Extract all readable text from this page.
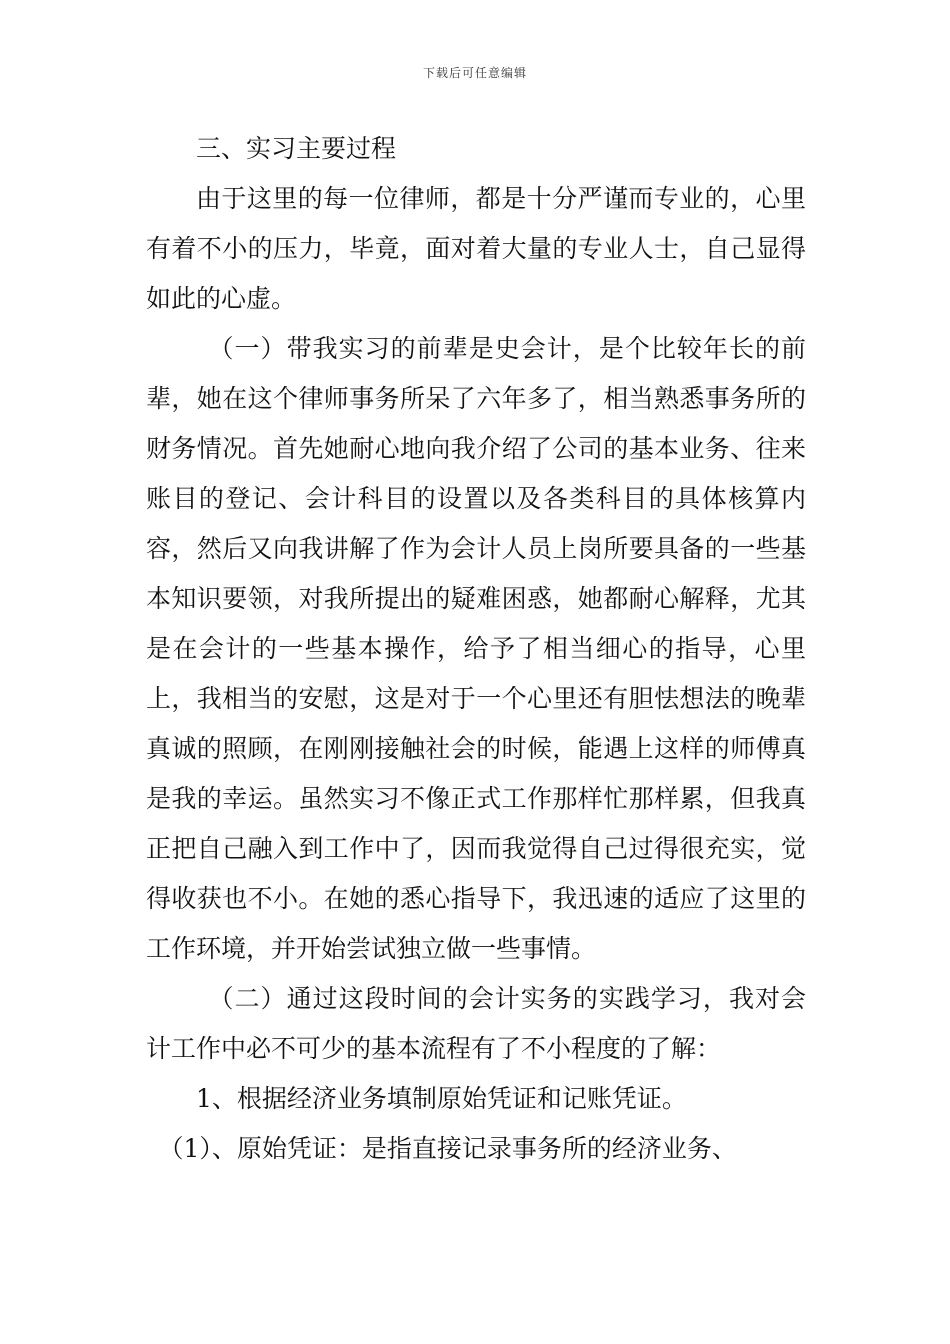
下载后可任意编辑

三、实习主要过程

由于这里的每一位律师，都是十分严谨而专业的，心里有着不小的压力，毕竟，面对着大量的专业人士，自己显得如此的心虚。

（一）带我实习的前辈是史会计，是个比较年长的前辈，她在这个律师事务所呆了六年多了，相当熟悉事务所的财务情况。首先她耐心地向我介绍了公司的基本业务、往来账目的登记、会计科目的设置以及各类科目的具体核算内容，然后又向我讲解了作为会计人员上岗所要具备的一些基本知识要领，对我所提出的疑难困惑，她都耐心解释，尤其是在会计的一些基本操作，给予了相当细心的指导，心里上，我相当的安慰，这是对于一个心里还有胆怯想法的晚辈真诚的照顾，在刚刚接触社会的时候，能遇上这样的师傅真是我的幸运。虽然实习不像正式工作那样忙那样累，但我真正把自己融入到工作中了，因而我觉得自己过得很充实，觉得收获也不小。在她的悉心指导下，我迅速的适应了这里的工作环境，并开始尝试独立做一些事情。

（二）通过这段时间的会计实务的实践学习，我对会计工作中必不可少的基本流程有了不小程度的了解：

1、根据经济业务填制原始凭证和记账凭证。

（1）、原始凭证：是指直接记录事务所的经济业务、
